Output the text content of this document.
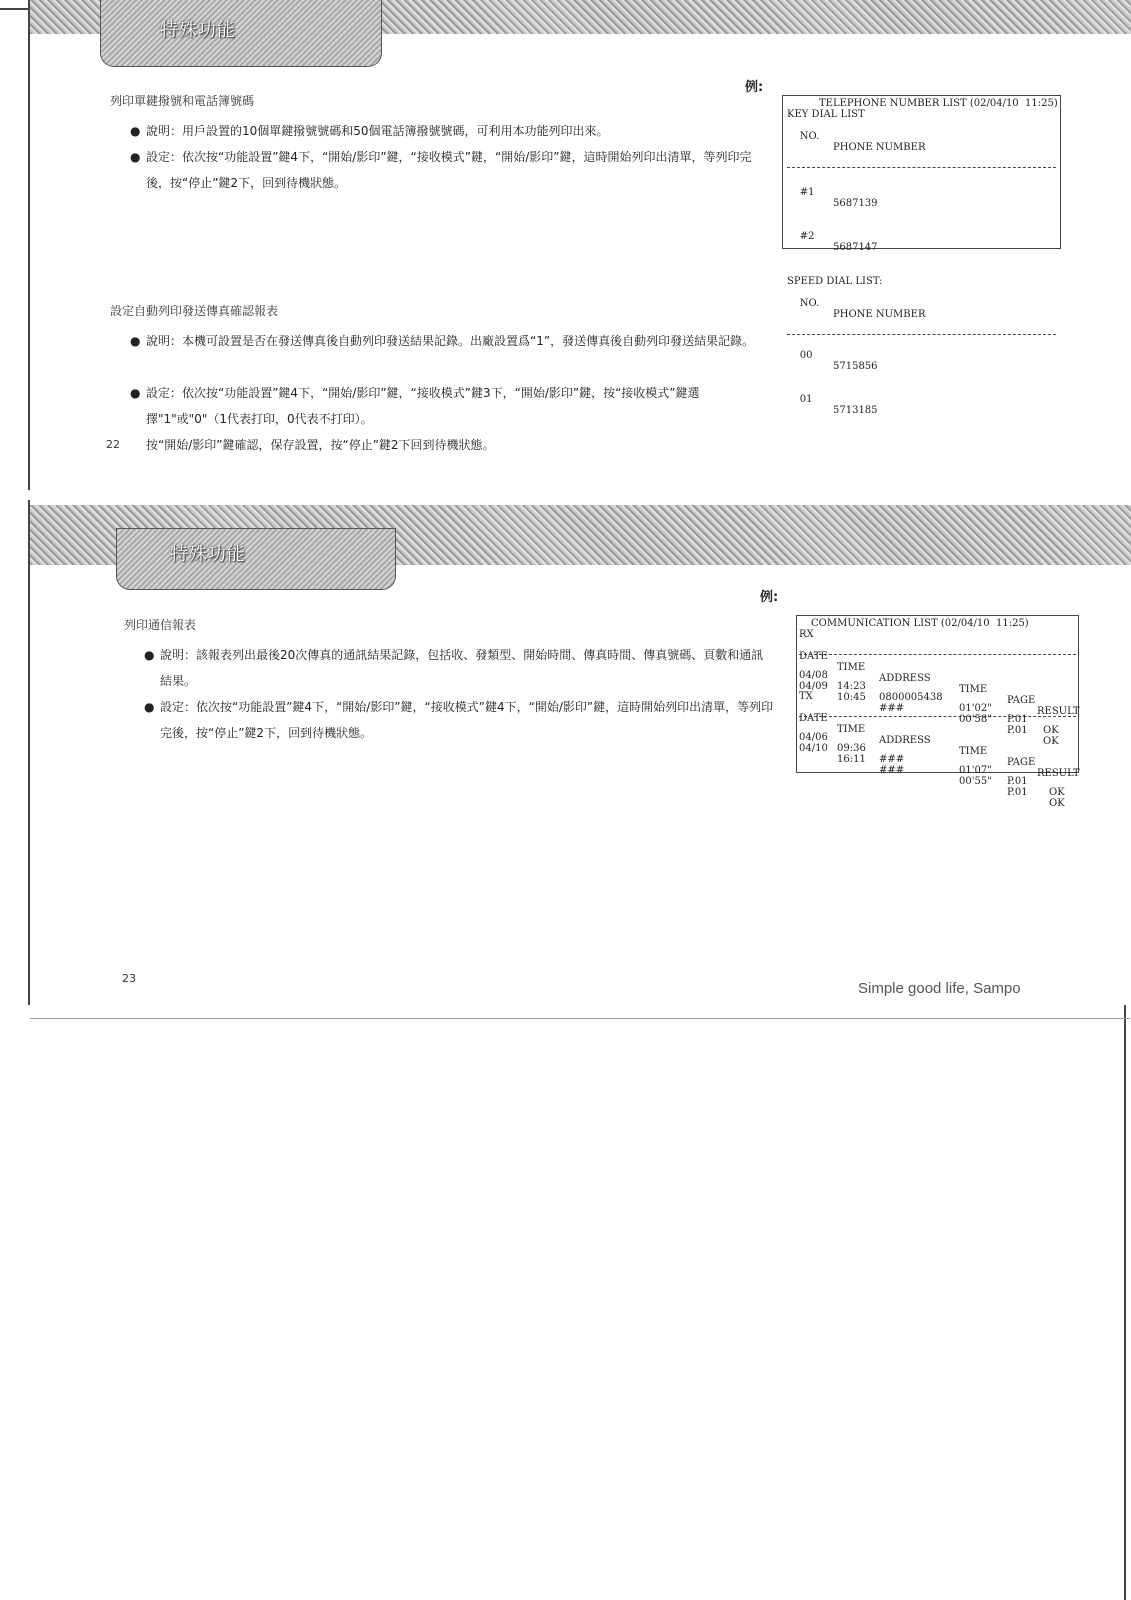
特殊功能
列印單鍵撥號和電話簿號碼
● 說明：用戶設置的10個單鍵撥號號碼和50個電話簿撥號號碼，可利用本功能列印出來。
● 設定：依次按“功能設置”鍵4下，“開始/影印”鍵，“接收模式”鍵，“開始/影印”鍵，這時開始列印出清單，等列印完後，按“停止”鍵2下，回到待機狀態。
例:
TELEPHONE NUMBER LIST (02/04/10  11:25)
KEY DIAL LIST

NO.

PHONE NUMBER

#1

5687139

#2

5687147

SPEED DIAL LIST:

NO.

PHONE NUMBER

00

5715856

01

5713185

設定自動列印發送傳真確認報表
● 說明：本機可設置是否在發送傳真後自動列印發送結果記錄。出廠設置爲“1”，發送傳真後自動列印發送結果記錄。
● 設定：依次按“功能設置”鍵4下，“開始/影印”鍵，“接收模式”鍵3下，“開始/影印”鍵，按“接收模式”鍵選擇"1"或"0"（1代表打印，0代表不打印）。
22 按“開始/影印”鍵確認，保存設置，按“停止”鍵2下回到待機狀態。
特殊功能
列印通信報表
● 說明：該報表列出最後20次傳真的通訊結果記錄，包括收、發類型、開始時間、傳真時間、傳真號碼、頁數和通訊結果。
● 設定：依次按“功能設置”鍵4下，“開始/影印”鍵，“接收模式”鍵4下，“開始/影印”鍵，這時開始列印出清單，等列印完後，按“停止”鍵2下，回到待機狀態。
例:
COMMUNICATION LIST (02/04/10  11:25)
RX

DATE

TIME

ADDRESS

TIME

PAGE

RESULT

04/08

14:23

0800005438

01'02"

P.01

OK

04/09

10:45

###

00'58"

P.01

OK

TX

DATE

TIME

ADDRESS

TIME

PAGE

RESULT

04/06

09:36

###

01'07"

P.01

OK

04/10

16:11

###

00'55"

P.01

OK

23
Simple good life, Sampo
